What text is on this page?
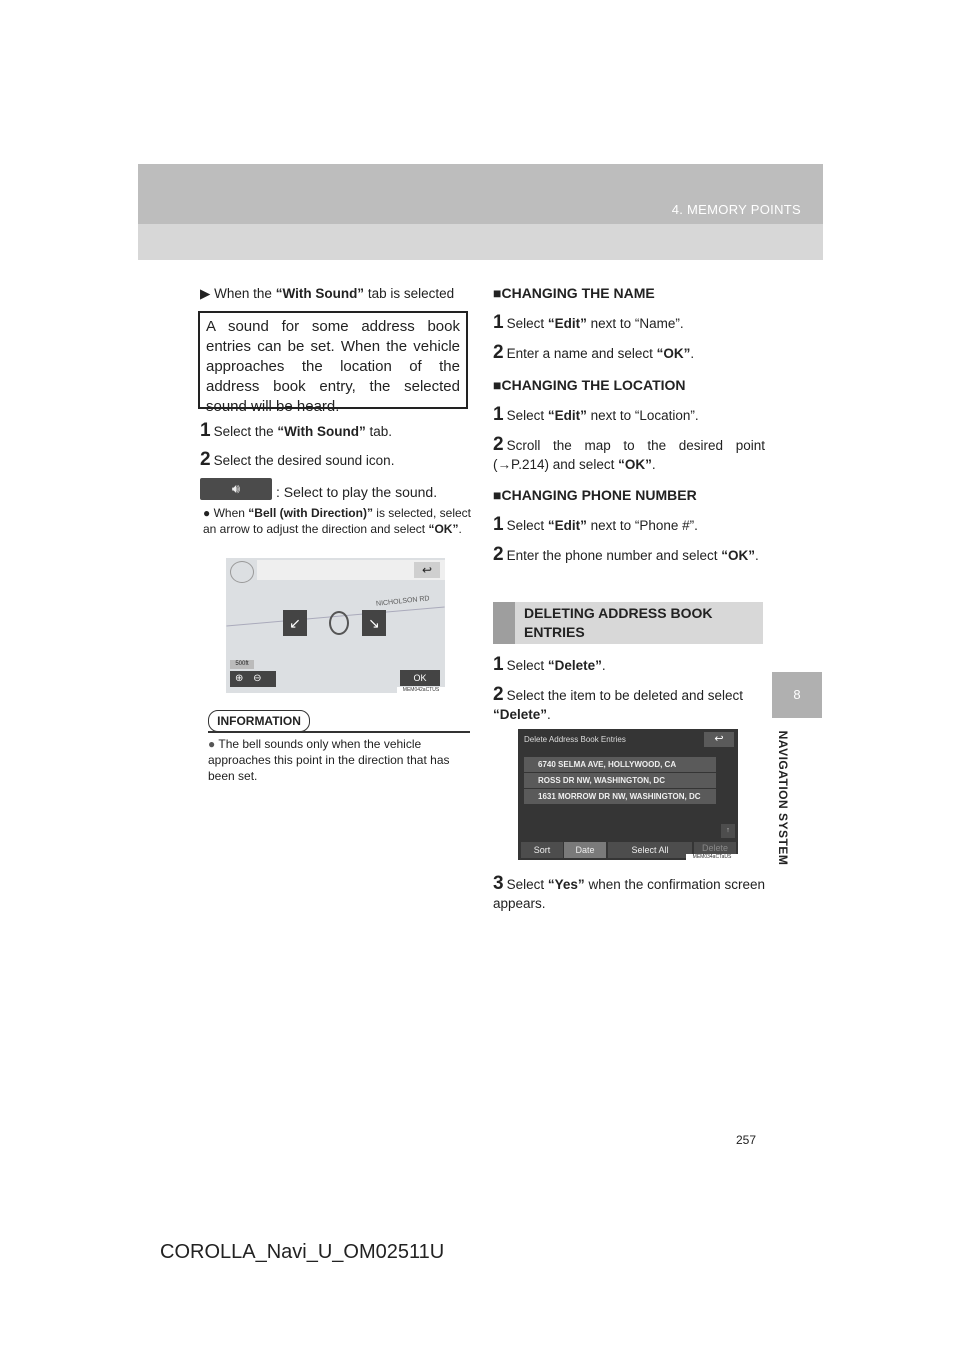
4. MEMORY POINTS
8
NAVIGATION SYSTEM
▶ When the “With Sound” tab is selected
A sound for some address book entries can be set. When the vehicle approaches the location of the address book entry, the selected sound will be heard.
1 Select the “With Sound” tab.
2 Select the desired sound icon.
🔊︎	: Select to play the sound.
● When “Bell (with Direction)” is selected, select an arrow to adjust the direction and select “OK”.
↩
NICHOLSON RD
↙	↘
500ft
⊕ ⊖	OK
MEM042aCTUS
INFORMATION
● The bell sounds only when the vehicle approaches this point in the direction that has been set.
■CHANGING THE NAME
1 Select “Edit” next to “Name”.
2 Enter a name and select “OK”.
■CHANGING THE LOCATION
1 Select “Edit” next to “Location”.
2 Scroll the map to the desired point (→P.214) and select “OK”.
■CHANGING PHONE NUMBER
1 Select “Edit” next to “Phone #”.
2 Enter the phone number and select “OK”.
DELETING ADDRESS BOOK ENTRIES
1 Select “Delete”.
2 Select the item to be deleted and select “Delete”.
Delete Address Book Entries	↩
6740 SELMA AVE, HOLLYWOOD, CA
ROSS DR NW, WASHINGTON, DC
1631 MORROW DR NW, WASHINGTON, DC
↑
Sort	Date	Select All	Delete
MEM034aCTaUS
3 Select “Yes” when the confirmation screen appears.
257
COROLLA_Navi_U_OM02511U
